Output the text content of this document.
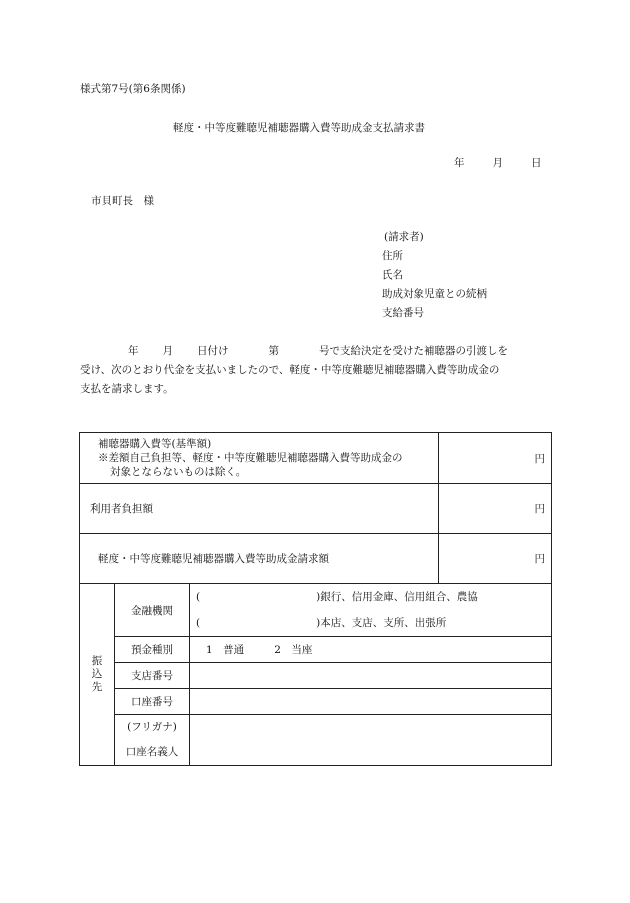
様式第7号(第6条関係)
軽度・中等度難聴児補聴器購入費等助成金支払請求書
年	月	日
市貝町長　様
(請求者)
住所
氏名
助成対象児童との続柄
支給番号
年 月 日付け	第	号で支給決定を受けた補聴器の引渡しを
受け、次のとおり代金を支払いましたので、軽度・中等度難聴児補聴器購入費等助成金の
支払を請求します。
補聴器購入費等(基準額)
※差額自己負担等、軽度・中等度難聴児補聴器購入費等助成金の
対象とならないものは除く。			円
利用者負担額			円
軽度・中等度難聴児補聴器購入費等助成金請求額			円

振込先	金融機関	( )銀行、信用金庫、信用組合、農協
( )本店、支店、支所、出張所	

	預金種別	1　普通 2　当座	
	支店番号		
	口座番号		

	(フリガナ)
口座名義人		
